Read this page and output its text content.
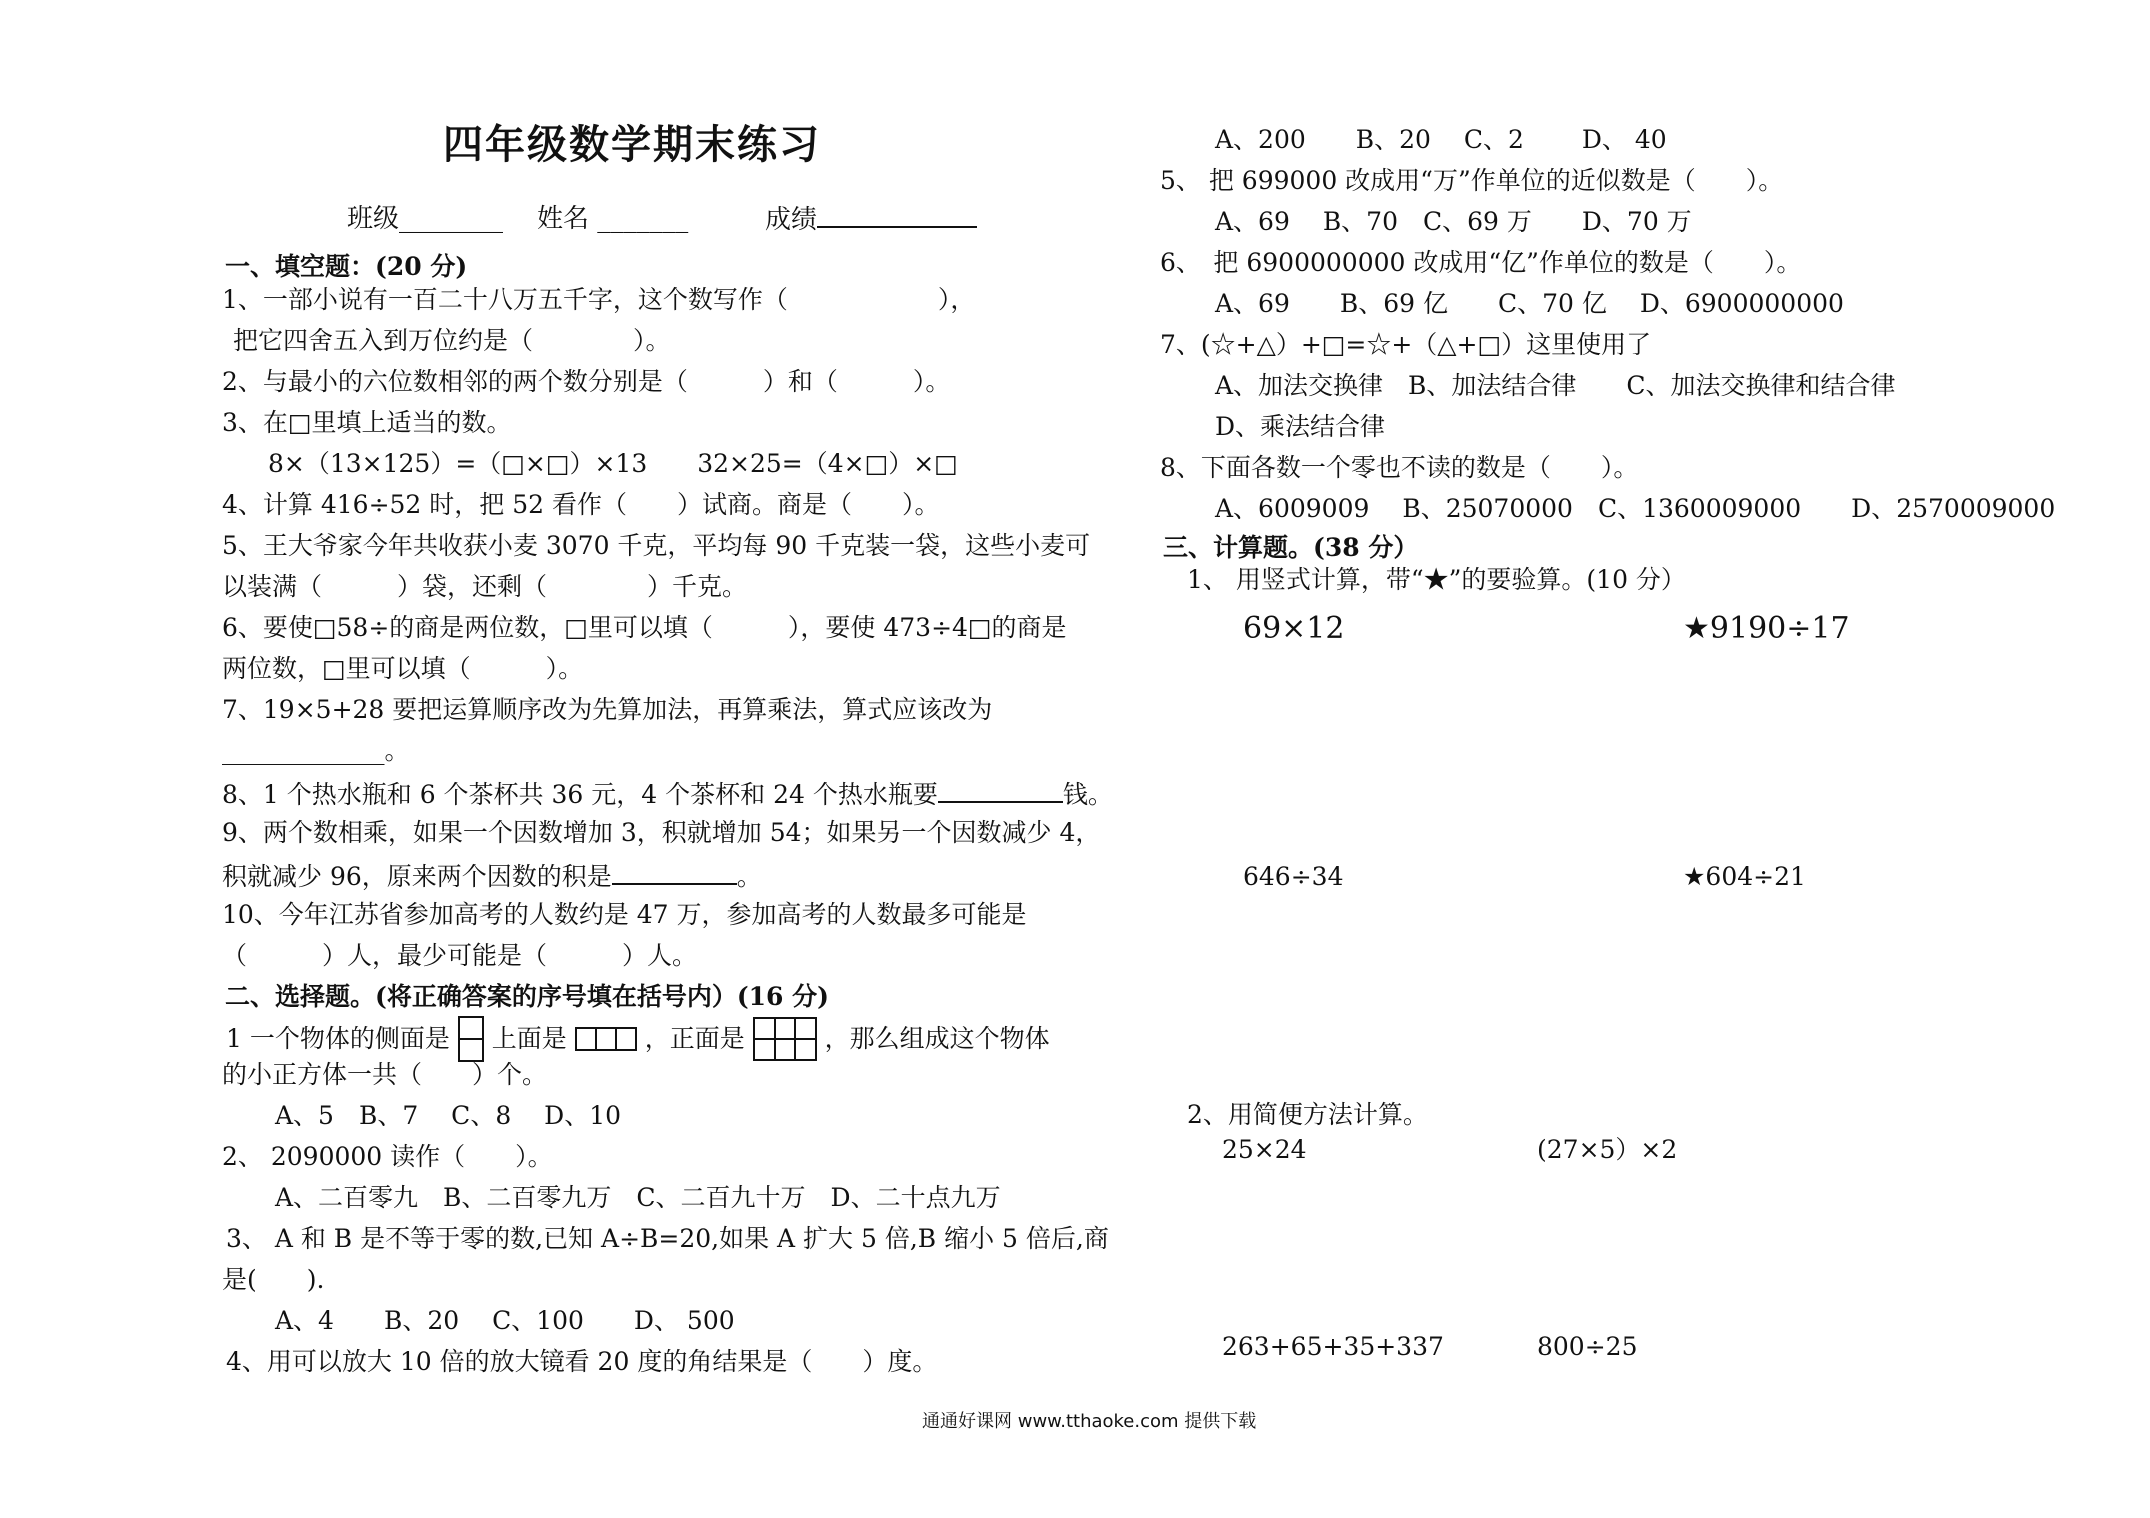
四年级数学期末练习
班级________ 姓名 _______	成绩
一、填空题：(20 分)
1、一部小说有一百二十八万五千字，这个数写作（　　　　　　），
把它四舍五入到万位约是（　　　　）。
2、与最小的六位数相邻的两个数分别是（　　　）和（　　　）。
3、在□里填上适当的数。
8×（13×125）=（□×□）×13　　32×25=（4×□）×□
4、计算 416÷52 时，把 52 看作（　　）试商。商是（　　）。
5、王大爷家今年共收获小麦 3070 千克，平均每 90 千克装一袋，这些小麦可
以装满（　　　）袋，还剩（　　　　）千克。
6、要使□58÷的商是两位数，□里可以填（　　　），要使 473÷4□的商是
两位数，□里可以填（　　　）。
7、19×5+28 要把运算顺序改为先算加法，再算乘法，算式应该改为
_____________。
8、1 个热水瓶和 6 个茶杯共 36 元，4 个茶杯和 24 个热水瓶要	钱。
9、两个数相乘，如果一个因数增加 3，积就增加 54；如果另一个因数减少 4，
积就减少 96，原来两个因数的积是	。
10、今年江苏省参加高考的人数约是 47 万，参加高考的人数最多可能是
（　　　）人，最少可能是（　　　）人。
二、选择题。(将正确答案的序号填在括号内）(16 分)
1 一个物体的侧面是 上面是	，正面是	，那么组成这个物体
的小正方体一共（　　）个。
A、5　B、7　 C、8　 D、10
2、 2090000 读作（　　）。
A、二百零九　B、二百零九万　C、二百九十万　D、二十点九万
3、 A 和 B 是不等于零的数,已知 A÷B=20,如果 A 扩大 5 倍,B 缩小 5 倍后,商
是(　　).
A、4　　B、20　 C、100　　D、 500
4、用可以放大 10 倍的放大镜看 20 度的角结果是（　　）度。
A、200　　B、20　 C、2　　 D、 40
5、 把 699000 改成用“万”作单位的近似数是（　　）。
A、69　 B、70　C、69 万　　D、70 万
6、　把 6900000000 改成用“亿”作单位的数是（　　）。
A、69　　B、69 亿　　C、70 亿　 D、6900000000
7、(☆+△）+□=☆+（△+□）这里使用了
A、加法交换律　B、加法结合律　　C、加法交换律和结合律
D、乘法结合律
8、下面各数一个零也不读的数是（　　）。
A、6009009　 B、25070000　C、1360009000　　D、2570009000
三、计算题。(38 分）
1、 用竖式计算，带“★”的要验算。(10 分）
69×12	★9190÷17
646÷34	★604÷21
2、用简便方法计算。
25×24	(27×5）×2
263+65+35+337	800÷25
通通好课网 www.tthaoke.com 提供下载
